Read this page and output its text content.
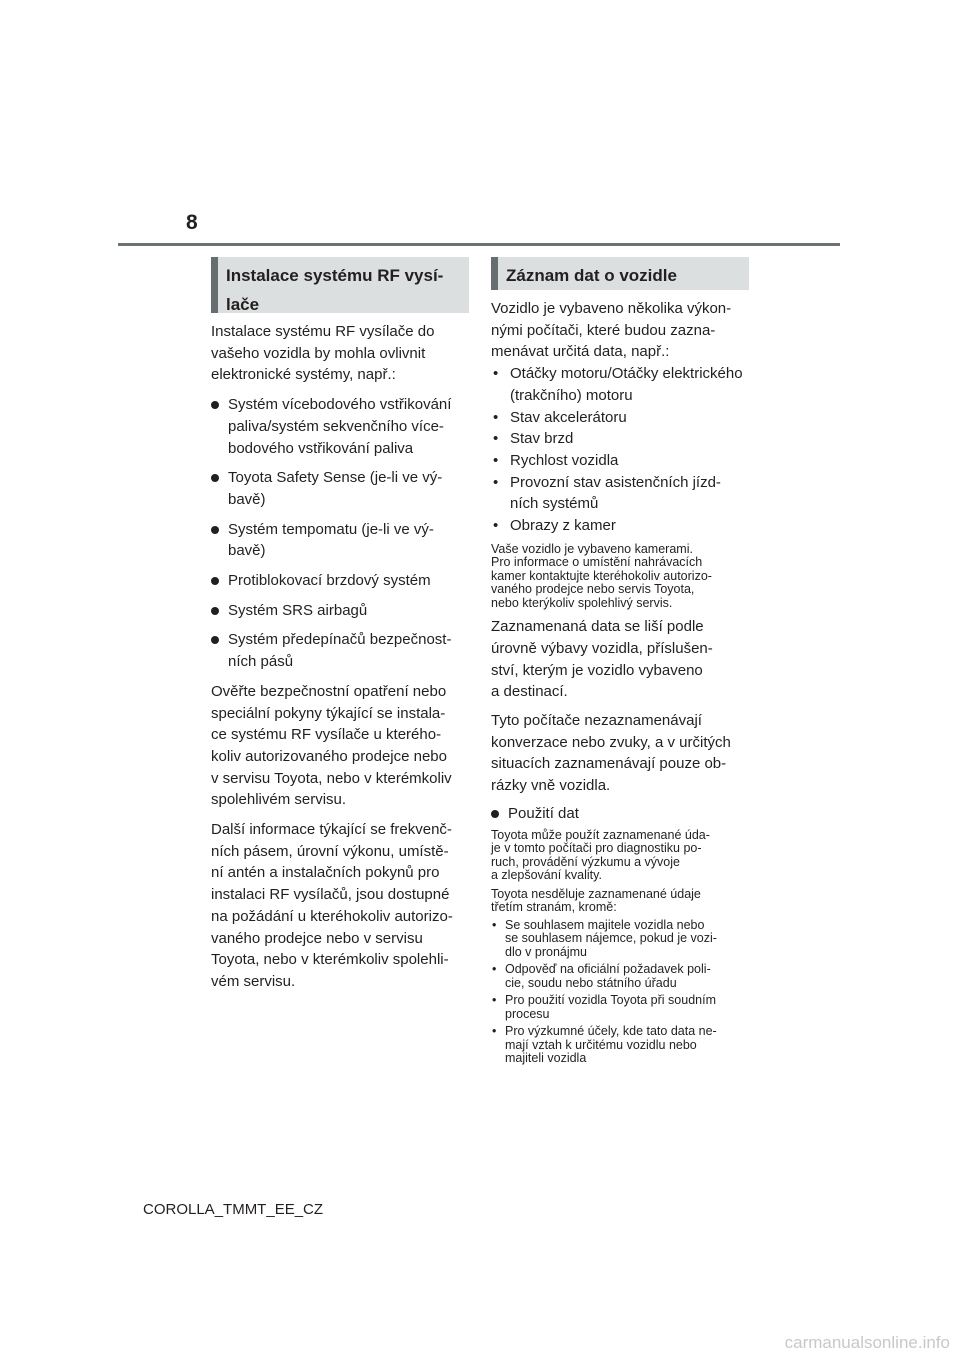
8
Instalace systému RF vysí-
lače
Instalace systému RF vysílače do
vašeho vozidla by mohla ovlivnit
elektronické systémy, např.:
Systém vícebodového vstřikování
paliva/systém sekvenčního více-
bodového vstřikování paliva
Toyota Safety Sense (je-li ve vý-
bavě)
Systém tempomatu (je-li ve vý-
bavě)
Protiblokovací brzdový systém
Systém SRS airbagů
Systém předepínačů bezpečnost-
ních pásů
Ověřte bezpečnostní opatření nebo
speciální pokyny týkající se instala-
ce systému RF vysílače u kterého-
koliv autorizovaného prodejce nebo
v servisu Toyota, nebo v kterémkoliv
spolehlivém servisu.
Další informace týkající se frekvenč-
ních pásem, úrovní výkonu, umístě-
ní antén a instalačních pokynů pro
instalaci RF vysílačů, jsou dostupné
na požádání u kteréhokoliv autorizo-
vaného prodejce nebo v servisu
Toyota, nebo v kterémkoliv spolehli-
vém servisu.
Záznam dat o vozidle
Vozidlo je vybaveno několika výkon-
nými počítači, které budou zazna-
menávat určitá data, např.:
• Otáčky motoru/Otáčky elektrického
(trakčního) motoru
• Stav akcelerátoru
• Stav brzd
• Rychlost vozidla
• Provozní stav asistenčních jízd-
ních systémů
• Obrazy z kamer
Vaše vozidlo je vybaveno kamerami.
Pro informace o umístění nahrávacích
kamer kontaktujte kteréhokoliv autorizo-
vaného prodejce nebo servis Toyota,
nebo kterýkoliv spolehlivý servis.
Zaznamenaná data se liší podle
úrovně výbavy vozidla, příslušen-
ství, kterým je vozidlo vybaveno
a destinací.
Tyto počítače nezaznamenávají
konverzace nebo zvuky, a v určitých
situacích zaznamenávají pouze ob-
rázky vně vozidla.
Použití dat
Toyota může použít zaznamenané úda-
je v tomto počítači pro diagnostiku po-
ruch, provádění výzkumu a vývoje
a zlepšování kvality.
Toyota nesděluje zaznamenané údaje
třetím stranám, kromě:
• Se souhlasem majitele vozidla nebo
se souhlasem nájemce, pokud je vozi-
dlo v pronájmu
• Odpověď na oficiální požadavek poli-
cie, soudu nebo státního úřadu
• Pro použití vozidla Toyota při soudním
procesu
• Pro výzkumné účely, kde tato data ne-
mají vztah k určitému vozidlu nebo
majiteli vozidla
COROLLA_TMMT_EE_CZ
carmanualsonline.info
